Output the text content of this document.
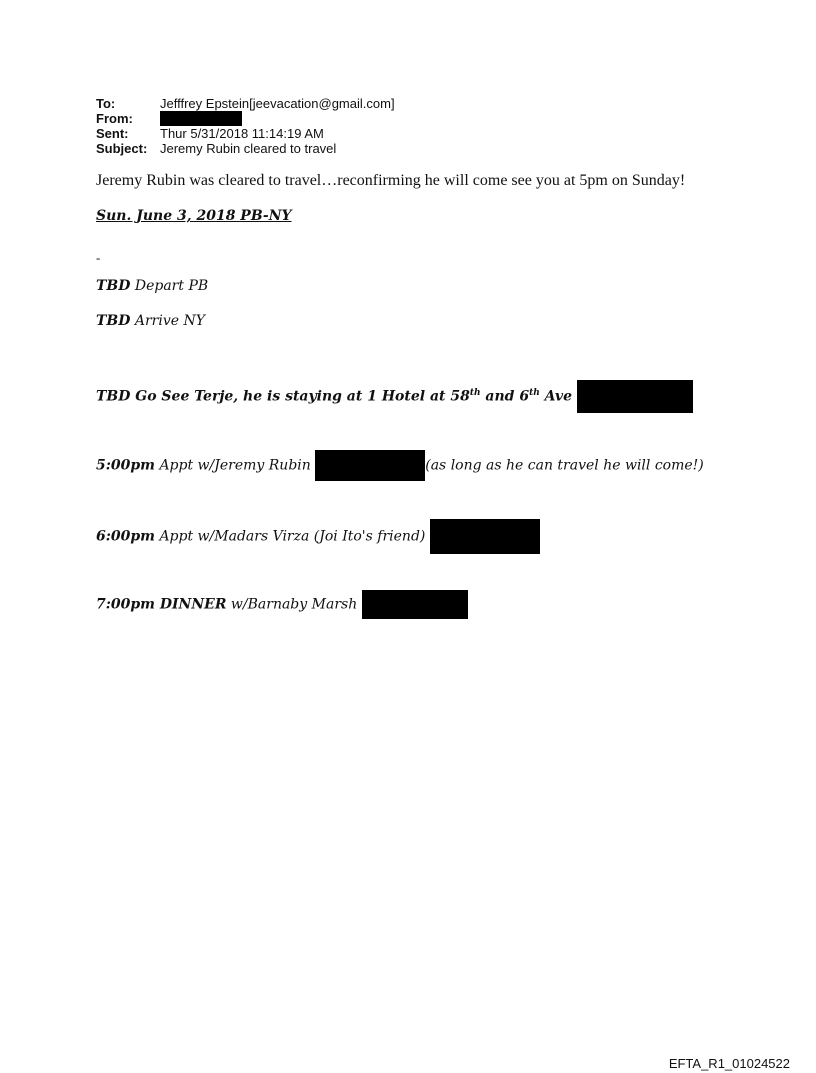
To:	Jefffrey Epstein[jeevacation@gmail.com]
From:
Sent:	Thur 5/31/2018 11:14:19 AM
Subject: Jeremy Rubin cleared to travel
Jeremy Rubin was cleared to travel…reconfirming he will come see you at 5pm on Sunday!
Sun. June 3, 2018 PB-NY
-
TBD Depart PB
TBD Arrive NY
TBD Go See Terje, he is staying at 1 Hotel at 58th and 6th Ave
5:00pm Appt w/Jeremy Rubin	(as long as he can travel he will come!)
6:00pm Appt w/Madars Virza (Joi Ito's friend)
7:00pm DINNER w/Barnaby Marsh
EFTA_R1_01024522
